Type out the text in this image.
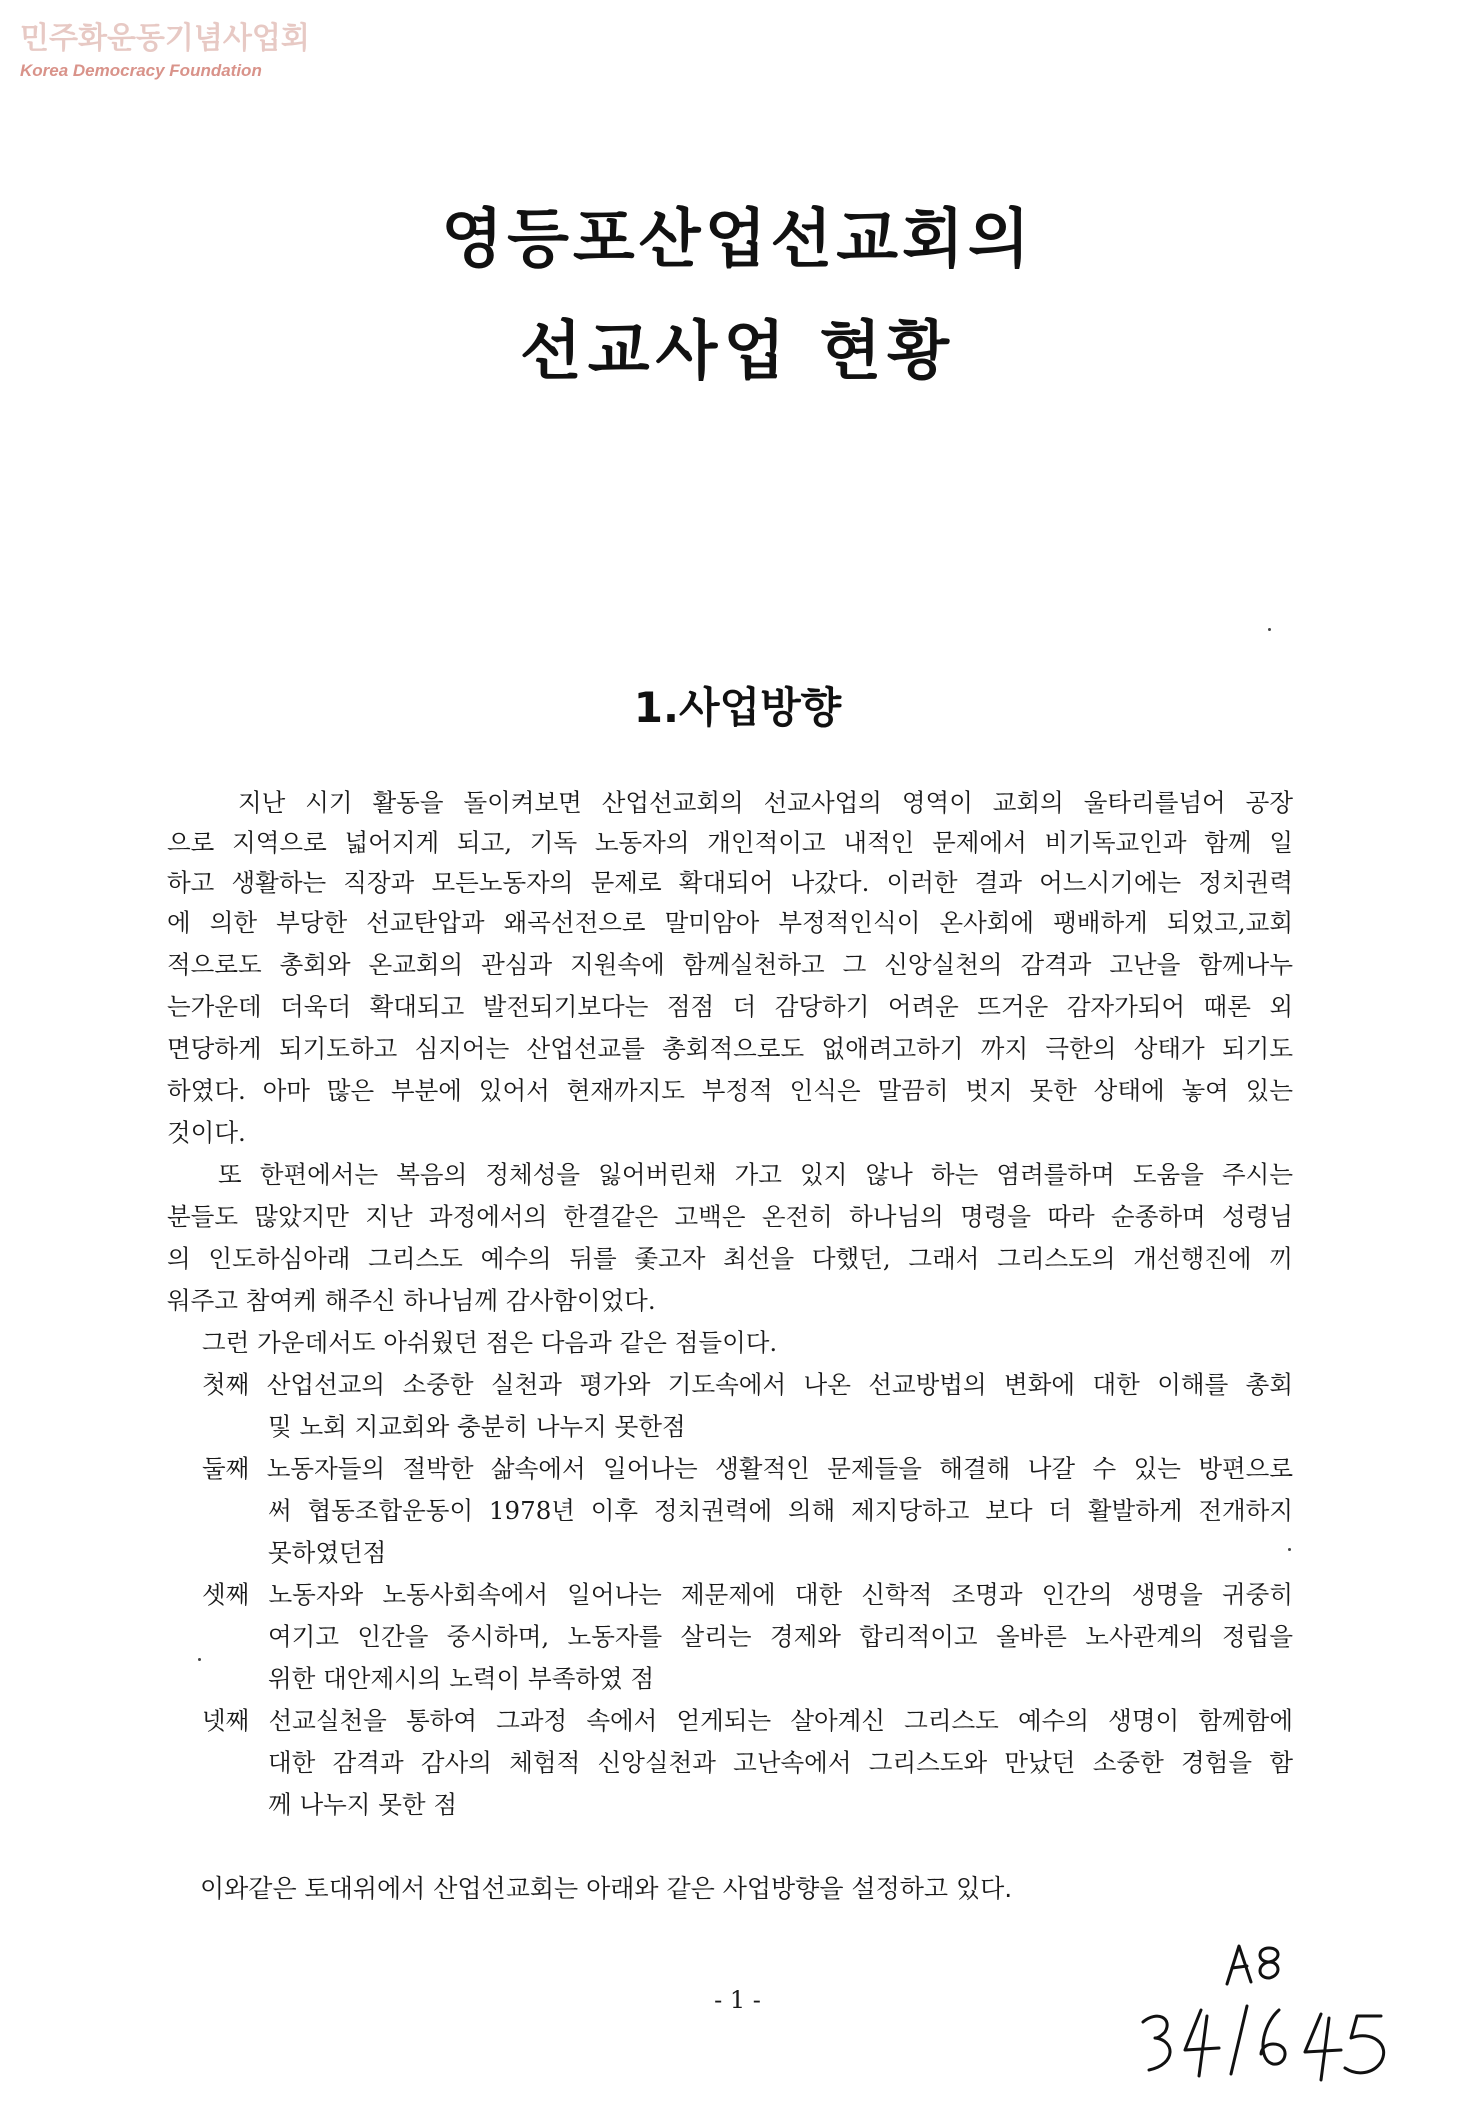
민주화운동기념사업회
Korea Democracy Foundation
영등포산업선교회의
선교사업 현황
1.사업방향
지난 시기 활동을 돌이켜보면 산업선교회의 선교사업의 영역이 교회의 울타리를넘어 공장
으로 지역으로 넓어지게 되고, 기독 노동자의 개인적이고 내적인 문제에서 비기독교인과 함께 일
하고 생활하는 직장과 모든노동자의 문제로 확대되어 나갔다. 이러한 결과 어느시기에는 정치권력
에 의한 부당한 선교탄압과 왜곡선전으로 말미암아 부정적인식이 온사회에 팽배하게 되었고,교회
적으로도 총회와 온교회의 관심과 지원속에 함께실천하고 그 신앙실천의 감격과 고난을 함께나누
는가운데 더욱더 확대되고 발전되기보다는 점점 더 감당하기 어려운 뜨거운 감자가되어 때론 외
면당하게 되기도하고 심지어는 산업선교를 총회적으로도 없애려고하기 까지 극한의 상태가 되기도
하였다. 아마 많은 부분에 있어서 현재까지도 부정적 인식은 말끔히 벗지 못한 상태에 놓여 있는
것이다.
또 한편에서는 복음의 정체성을 잃어버린채 가고 있지 않나 하는 염려를하며 도움을 주시는
분들도 많았지만 지난 과정에서의 한결같은 고백은 온전히 하나님의 명령을 따라 순종하며 성령님
의 인도하심아래 그리스도 예수의 뒤를 좇고자 최선을 다했던, 그래서 그리스도의 개선행진에 끼
워주고 참여케 해주신 하나님께 감사함이었다.
그런 가운데서도 아쉬웠던 점은 다음과 같은 점들이다.
첫째 산업선교의 소중한 실천과 평가와 기도속에서 나온 선교방법의 변화에 대한 이해를 총회
및 노회 지교회와 충분히 나누지 못한점
둘째 노동자들의 절박한 삶속에서 일어나는 생활적인 문제들을 해결해 나갈 수 있는 방편으로
써 협동조합운동이 1978년 이후 정치권력에 의해 제지당하고 보다 더 활발하게 전개하지
못하였던점
셋째 노동자와 노동사회속에서 일어나는 제문제에 대한 신학적 조명과 인간의 생명을 귀중히
여기고 인간을 중시하며, 노동자를 살리는 경제와 합리적이고 올바른 노사관계의 정립을
위한 대안제시의 노력이 부족하였 점
넷째 선교실천을 통하여 그과정 속에서 얻게되는 살아계신 그리스도 예수의 생명이 함께함에
대한 감격과 감사의 체험적 신앙실천과 고난속에서 그리스도와 만났던 소중한 경험을 함
께 나누지 못한 점
이와같은 토대위에서 산업선교회는 아래와 같은 사업방향을 설정하고 있다.
- 1 -
